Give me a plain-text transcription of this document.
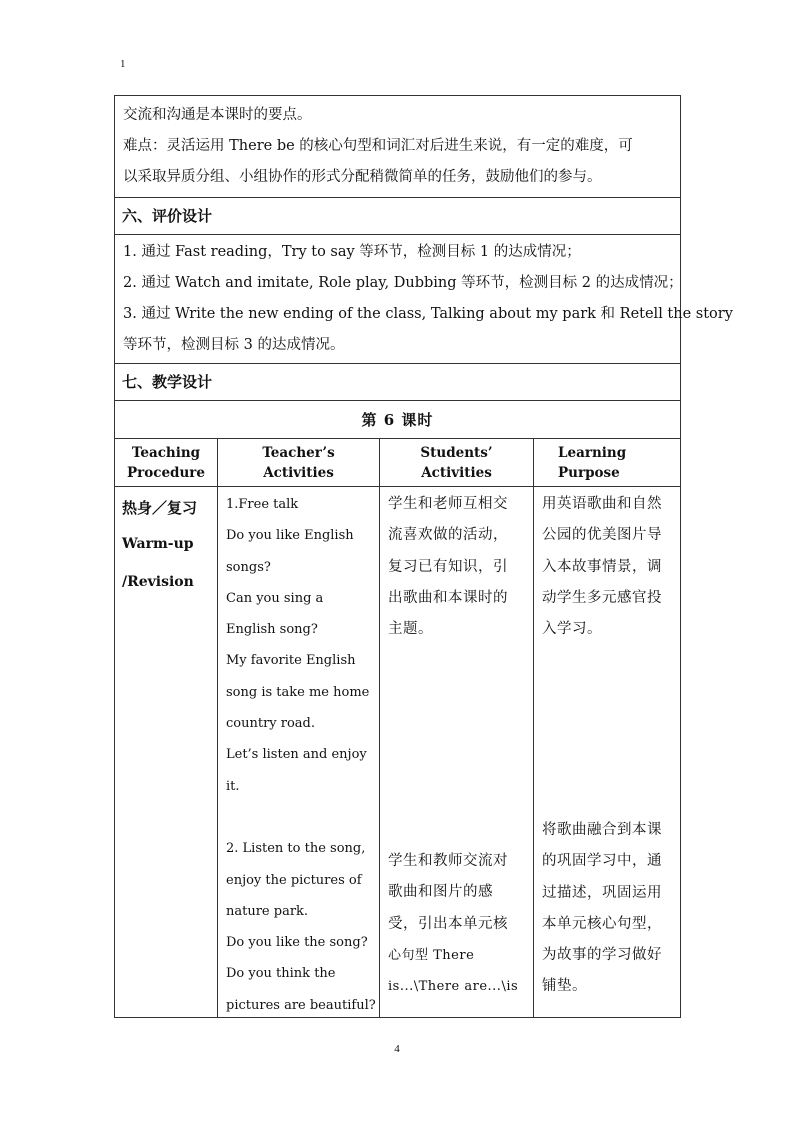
1
交流和沟通是本课时的要点。
难点：灵活运用 There be 的核心句型和词汇对后进生来说，有一定的难度，可
以采取异质分组、小组协作的形式分配稍微简单的任务，鼓励他们的参与。
六、评价设计
1. 通过 Fast reading，Try to say 等环节，检测目标 1 的达成情况；
2. 通过 Watch and imitate, Role play, Dubbing 等环节，检测目标 2 的达成情况；
3. 通过 Write the new ending of the class, Talking about my park 和 Retell the story
等环节，检测目标 3 的达成情况。
七、教学设计
第 6 课时
Teaching
Procedure
Teacher’s
Activities
Students’
Activities
Learning
Purpose
热身／复习
Warm-up
/Revision
1.Free talk
Do you like English
songs?
Can you sing a
English song?
My favorite English
song is take me home
country road.
Let’s listen and enjoy
it.
2. Listen to the song,
enjoy the pictures of
nature park.
Do you like the song?
Do you think the
pictures are beautiful?
学生和老师互相交
流喜欢做的活动，
复习已有知识，引
出歌曲和本课时的
主题。
学生和教师交流对
歌曲和图片的感
受，引出本单元核
心句型 There
is...\There are...\is
用英语歌曲和自然
公园的优美图片导
入本故事情景，调
动学生多元感官投
入学习。
将歌曲融合到本课
的巩固学习中，通
过描述，巩固运用
本单元核心句型，
为故事的学习做好
铺垫。
4
